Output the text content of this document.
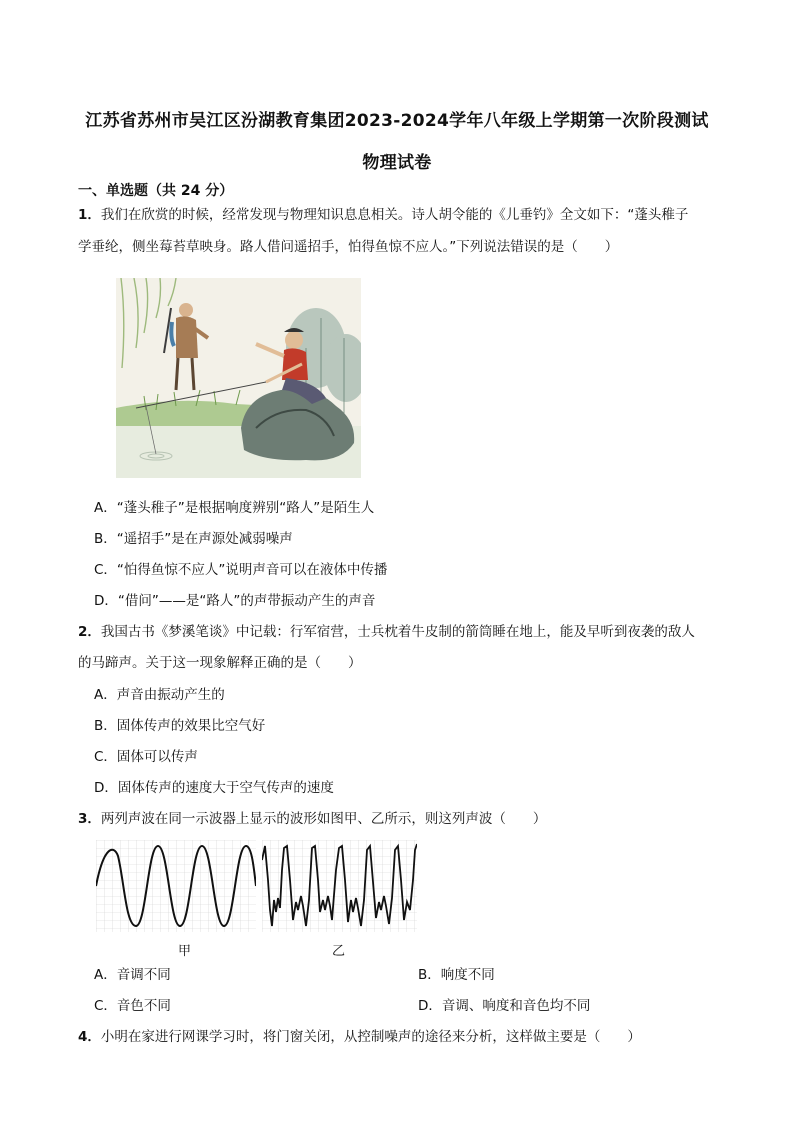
江苏省苏州市吴江区汾湖教育集团2023-2024学年八年级上学期第一次阶段测试
物理试卷
一、单选题（共 24 分）
1．我们在欣赏的时候，经常发现与物理知识息息相关。诗人胡令能的《儿垂钓》全文如下：“蓬头稚子
学垂纶，侧坐莓苔草映身。路人借问遥招手，怕得鱼惊不应人。”下列说法错误的是（　　）
A．“蓬头稚子”是根据响度辨别“路人”是陌生人
B．“遥招手”是在声源处减弱噪声
C．“怕得鱼惊不应人”说明声音可以在液体中传播
D．“借问”——是“路人”的声带振动产生的声音
2．我国古书《梦溪笔谈》中记载：行军宿营，士兵枕着牛皮制的箭筒睡在地上，能及早听到夜袭的敌人
的马蹄声。关于这一现象解释正确的是（　　）
A．声音由振动产生的
B．固体传声的效果比空气好
C．固体可以传声
D．固体传声的速度大于空气传声的速度
3．两列声波在同一示波器上显示的波形如图甲、乙所示，则这列声波（　　）
甲	乙
A．音调不同	B．响度不同
C．音色不同	D．音调、响度和音色均不同
4．小明在家进行网课学习时，将门窗关闭，从控制噪声的途径来分析，这样做主要是（　　）
